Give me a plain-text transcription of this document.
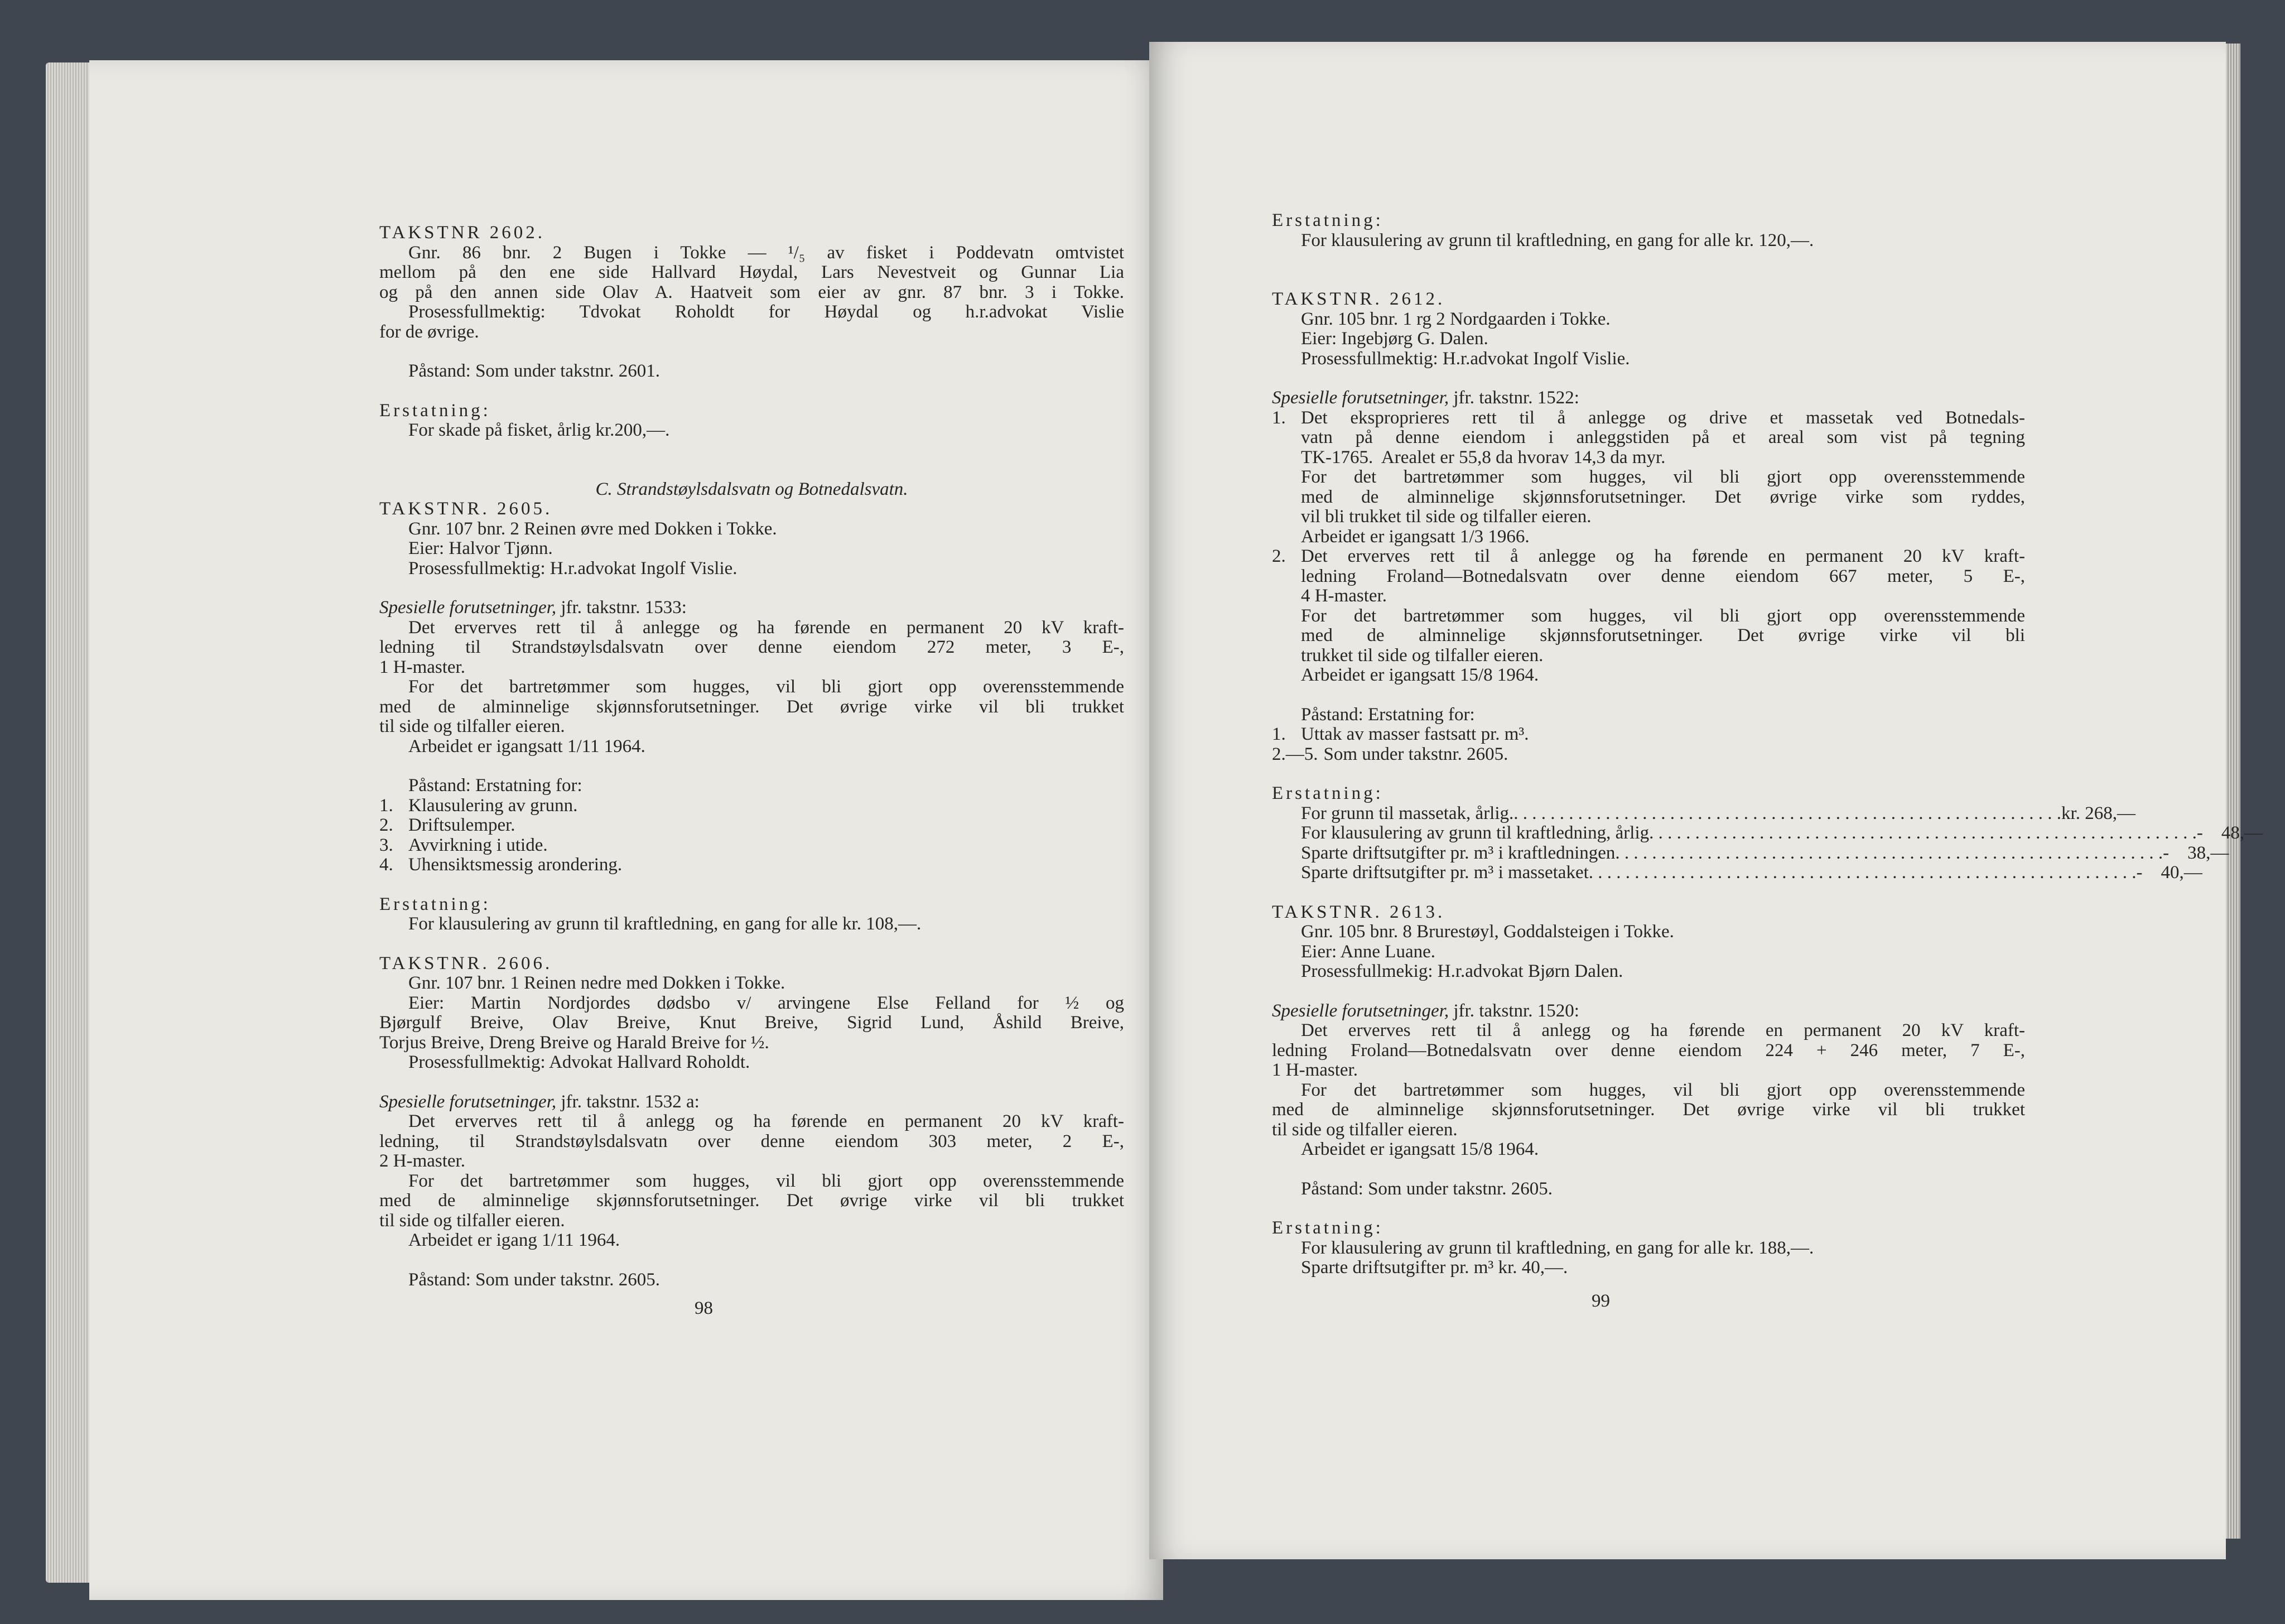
TAKSTNR 2602.
Gnr. 86 bnr. 2 Bugen i Tokke — ¹/₅ av fisket i Poddevatn omtvistet
mellom på den ene side Hallvard Høydal, Lars Nevestveit og Gunnar Lia
og på den annen side Olav A. Haatveit som eier av gnr. 87 bnr. 3 i Tokke.
Prosessfullmektig: Tdvokat Roholdt for Høydal og h.r.advokat Vislie
for de øvrige.
Påstand: Som under takstnr. 2601.
Erstatning:
For skade på fisket, årlig kr.200,—.
C. Strandstøylsdalsvatn og Botnedalsvatn.
TAKSTNR. 2605.
Gnr. 107 bnr. 2 Reinen øvre med Dokken i Tokke.
Eier: Halvor Tjønn.
Prosessfullmektig: H.r.advokat Ingolf Vislie.
Spesielle forutsetninger, jfr. takstnr. 1533:
Det erverves rett til å anlegge og ha førende en permanent 20 kV kraft-
ledning til Strandstøylsdalsvatn over denne eiendom 272 meter, 3 E-,
1 H-master.
For det bartretømmer som hugges, vil bli gjort opp overensstemmende
med de alminnelige skjønnsforutsetninger. Det øvrige virke vil bli trukket
til side og tilfaller eieren.
Arbeidet er igangsatt 1/11 1964.
Påstand: Erstatning for:
1. Klausulering av grunn.
2. Driftsulemper.
3. Avvirkning i utide.
4. Uhensiktsmessig arondering.
Erstatning:
For klausulering av grunn til kraftledning, en gang for alle kr. 108,—.
TAKSTNR. 2606.
Gnr. 107 bnr. 1 Reinen nedre med Dokken i Tokke.
Eier: Martin Nordjordes dødsbo v/ arvingene Else Felland for ½ og
Bjørgulf Breive, Olav Breive, Knut Breive, Sigrid Lund, Åshild Breive,
Torjus Breive, Dreng Breive og Harald Breive for ½.
Prosessfullmektig: Advokat Hallvard Roholdt.
Spesielle forutsetninger, jfr. takstnr. 1532 a:
Det erverves rett til å anlegg og ha førende en permanent 20 kV kraft-
ledning, til Strandstøylsdalsvatn over denne eiendom 303 meter, 2 E-,
2 H-master.
For det bartretømmer som hugges, vil bli gjort opp overensstemmende
med de alminnelige skjønnsforutsetninger. Det øvrige virke vil bli trukket
til side og tilfaller eieren.
Arbeidet er igang 1/11 1964.
Påstand: Som under takstnr. 2605.
98
Erstatning:
For klausulering av grunn til kraftledning, en gang for alle kr. 120,—.
TAKSTNR. 2612.
Gnr. 105 bnr. 1 rg 2 Nordgaarden i Tokke.
Eier: Ingebjørg G. Dalen.
Prosessfullmektig: H.r.advokat Ingolf Vislie.
Spesielle forutsetninger, jfr. takstnr. 1522:
1. Det eksproprieres rett til å anlegge og drive et massetak ved Botnedals-
vatn på denne eiendom i anleggstiden på et areal som vist på tegning
TK-1765.  Arealet er 55,8 da hvorav 14,3 da myr.
For det bartretømmer som hugges, vil bli gjort opp overensstemmende
med de alminnelige skjønnsforutsetninger. Det øvrige virke som ryddes,
vil bli trukket til side og tilfaller eieren.
Arbeidet er igangsatt 1/3 1966.
2. Det erverves rett til å anlegge og ha førende en permanent 20 kV kraft-
ledning Froland—Botnedalsvatn over denne eiendom 667 meter, 5 E-,
4 H-master.
For det bartretømmer som hugges, vil bli gjort opp overensstemmende
med de alminnelige skjønnsforutsetninger. Det øvrige virke vil bli
trukket til side og tilfaller eieren.
Arbeidet er igangsatt 15/8 1964.
Påstand: Erstatning for:
1. Uttak av masser fastsatt pr. m³.
2.—5. Som under takstnr. 2605.
Erstatning:
For grunn til massetak, årlig. . . . . . . . . . . . . . . . . . . . . . . . . . . . . . . . . . . . . . . . . . . . . . . . . . . . . . . . . . . . . kr. 268,—
For klausulering av grunn til kraftledning, årlig . . . . . . . . . . . . . . . . . . . . . . . . . . . . . . . . . . . . . . . . . . . . . . . . . . . . . . . . . . . . -    48,—
Sparte driftsutgifter pr. m³ i kraftledningen . . . . . . . . . . . . . . . . . . . . . . . . . . . . . . . . . . . . . . . . . . . . . . . . . . . . . . . . . . . . -    38,—
Sparte driftsutgifter pr. m³ i massetaket . . . . . . . . . . . . . . . . . . . . . . . . . . . . . . . . . . . . . . . . . . . . . . . . . . . . . . . . . . . . -    40,—
TAKSTNR. 2613.
Gnr. 105 bnr. 8 Brurestøyl, Goddalsteigen i Tokke.
Eier: Anne Luane.
Prosessfullmekig: H.r.advokat Bjørn Dalen.
Spesielle forutsetninger, jfr. takstnr. 1520:
Det erverves rett til å anlegg og ha førende en permanent 20 kV kraft-
ledning Froland—Botnedalsvatn over denne eiendom 224 + 246 meter, 7 E-,
1 H-master.
For det bartretømmer som hugges, vil bli gjort opp overensstemmende
med de alminnelige skjønnsforutsetninger. Det øvrige virke vil bli trukket
til side og tilfaller eieren.
Arbeidet er igangsatt 15/8 1964.
Påstand: Som under takstnr. 2605.
Erstatning:
For klausulering av grunn til kraftledning, en gang for alle kr. 188,—.
Sparte driftsutgifter pr. m³ kr. 40,—.
99
